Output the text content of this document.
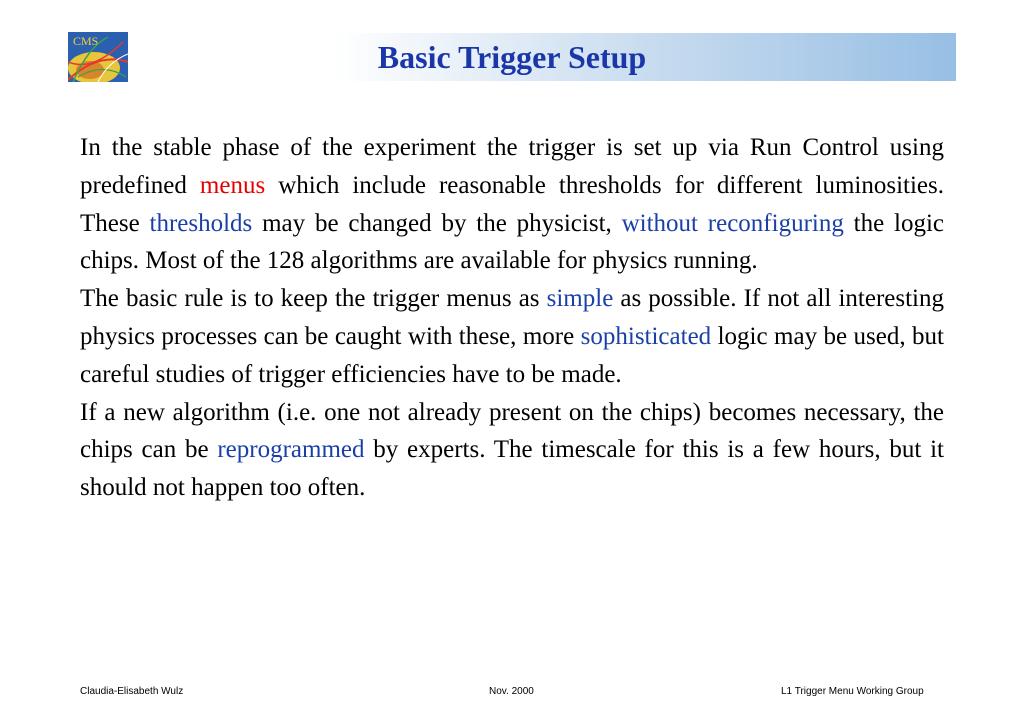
Basic Trigger Setup
CMS

In the stable phase of the experiment the trigger is set up via Run Control using predefined menus which include reasonable thresholds for different luminosities. These thresholds may be changed by the physicist, without reconfiguring the logic chips. Most of the 128 algorithms are available for physics running.

The basic rule is to keep the trigger menus as simple as possible. If not all interesting physics processes can be caught with these, more sophisticated logic may be used, but careful studies of trigger efficiencies have to be made.

If a new algorithm (i.e. one not already present on the chips) becomes necessary, the chips can be reprogrammed by experts. The timescale for this is a few hours, but it should not happen too often.

Claudia-Elisabeth Wulz	Nov. 2000	L1 Trigger Menu Working Group
